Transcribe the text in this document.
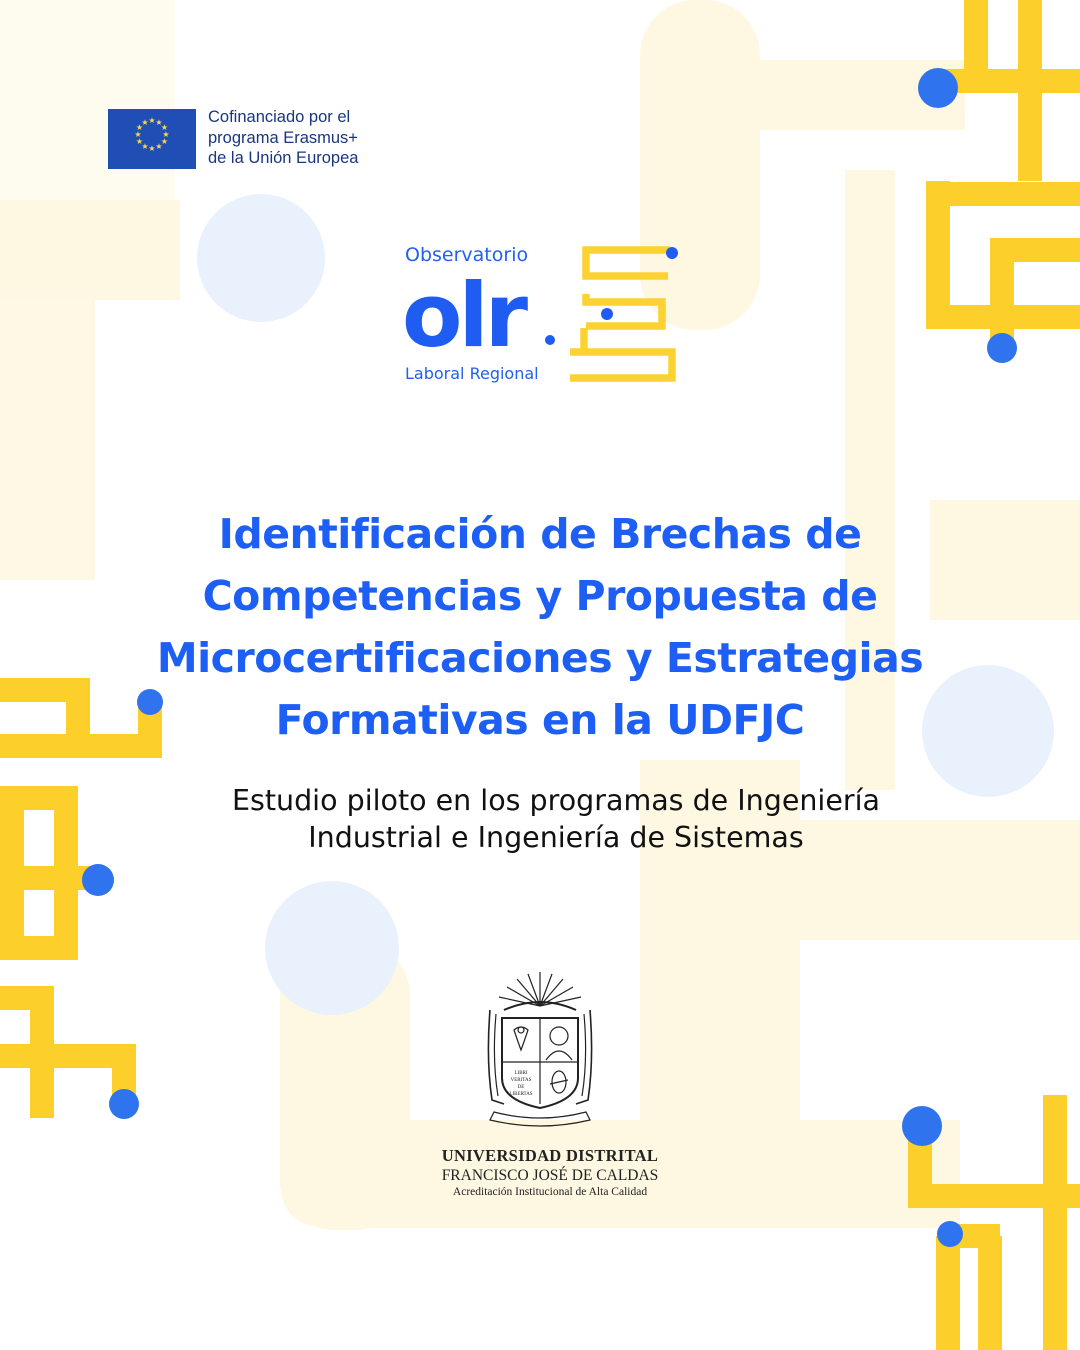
★ ★
★
★
★
★
★
★
★
★
★
★	Cofinanciado por el
programa Erasmus+
de la Unión Europea
Observatorio
olr
Laboral Regional
Identificación de Brechas de
Competencias y Propuesta de
Microcertificaciones y Estrategias
Formativas en la UDFJC
Estudio piloto en los programas de Ingeniería
Industrial e Ingeniería de Sistemas
LIBRI
VERITAS
DE
LIBERTAS
UNIVERSIDAD DISTRITAL
FRANCISCO JOSÉ DE CALDAS
Acreditación Institucional de Alta Calidad
